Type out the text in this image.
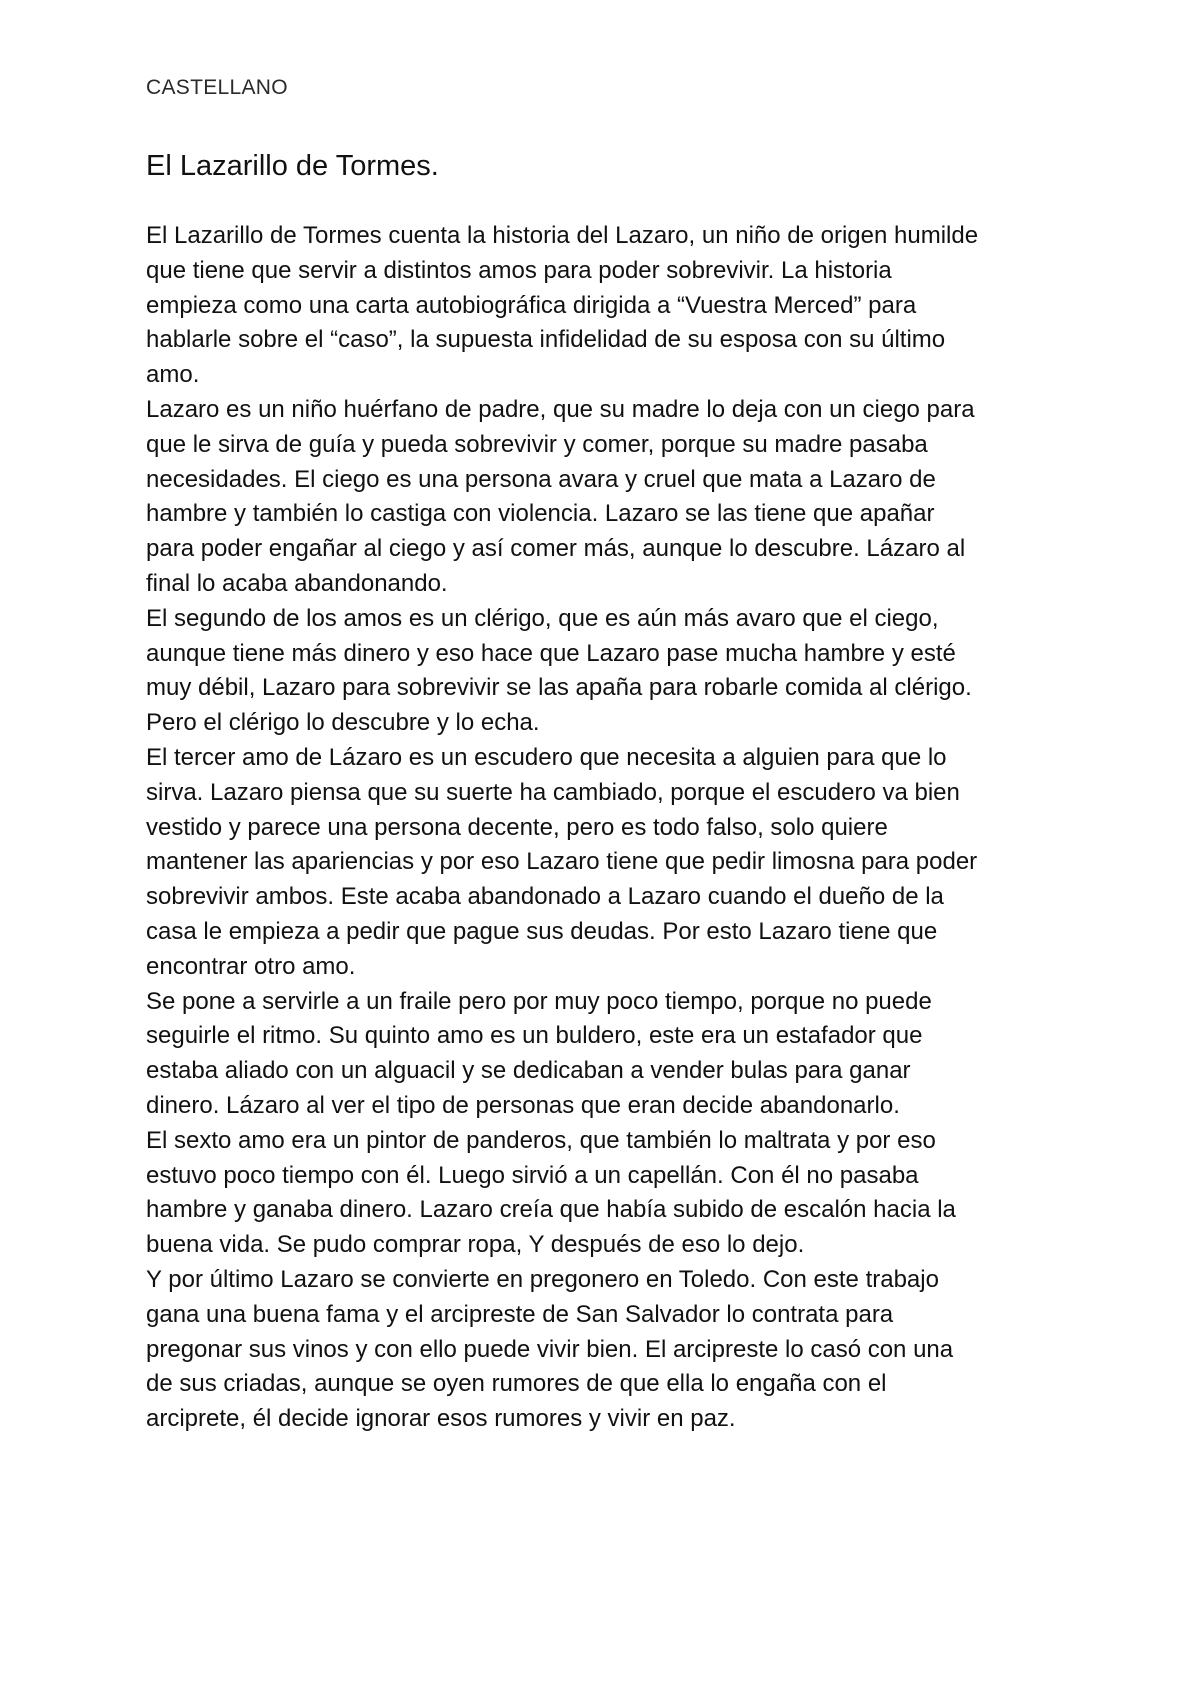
CASTELLANO
El Lazarillo de Tormes.

El Lazarillo de Tormes cuenta la historia del Lazaro, un niño de origen humilde

que tiene que servir a distintos amos para poder sobrevivir. La historia

empieza como una carta autobiográfica dirigida a “Vuestra Merced” para

hablarle sobre el “caso”, la supuesta infidelidad de su esposa con su último

amo.

Lazaro es un niño huérfano de padre, que su madre lo deja con un ciego para

que le sirva de guía y pueda sobrevivir y comer, porque su madre pasaba

necesidades. El ciego es una persona avara y cruel que mata a Lazaro de

hambre y también lo castiga con violencia. Lazaro se las tiene que apañar

para poder engañar al ciego y así comer más, aunque lo descubre. Lázaro al

final lo acaba abandonando.

El segundo de los amos es un clérigo, que es aún más avaro que el ciego,

aunque tiene más dinero y eso hace que Lazaro pase mucha hambre y esté

muy débil, Lazaro para sobrevivir se las apaña para robarle comida al clérigo.

Pero el clérigo lo descubre y lo echa.

El tercer amo de Lázaro es un escudero que necesita a alguien para que lo

sirva. Lazaro piensa que su suerte ha cambiado, porque el escudero va bien

vestido y parece una persona decente, pero es todo falso, solo quiere

mantener las apariencias y por eso Lazaro tiene que pedir limosna para poder

sobrevivir ambos. Este acaba abandonado a Lazaro cuando el dueño de la

casa le empieza a pedir que pague sus deudas. Por esto Lazaro tiene que

encontrar otro amo.

Se pone a servirle a un fraile pero por muy poco tiempo, porque no puede

seguirle el ritmo. Su quinto amo es un buldero, este era un estafador que

estaba aliado con un alguacil y se dedicaban a vender bulas para ganar

dinero. Lázaro al ver el tipo de personas que eran decide abandonarlo.

El sexto amo era un pintor de panderos, que también lo maltrata y por eso

estuvo poco tiempo con él. Luego sirvió a un capellán. Con él no pasaba

hambre y ganaba dinero. Lazaro creía que había subido de escalón hacia la

buena vida. Se pudo comprar ropa, Y después de eso lo dejo.

Y por último Lazaro se convierte en pregonero en Toledo. Con este trabajo

gana una buena fama y el arcipreste de San Salvador lo contrata para

pregonar sus vinos y con ello puede vivir bien. El arcipreste lo casó con una

de sus criadas, aunque se oyen rumores de que ella lo engaña con el

arciprete, él decide ignorar esos rumores y vivir en paz.
